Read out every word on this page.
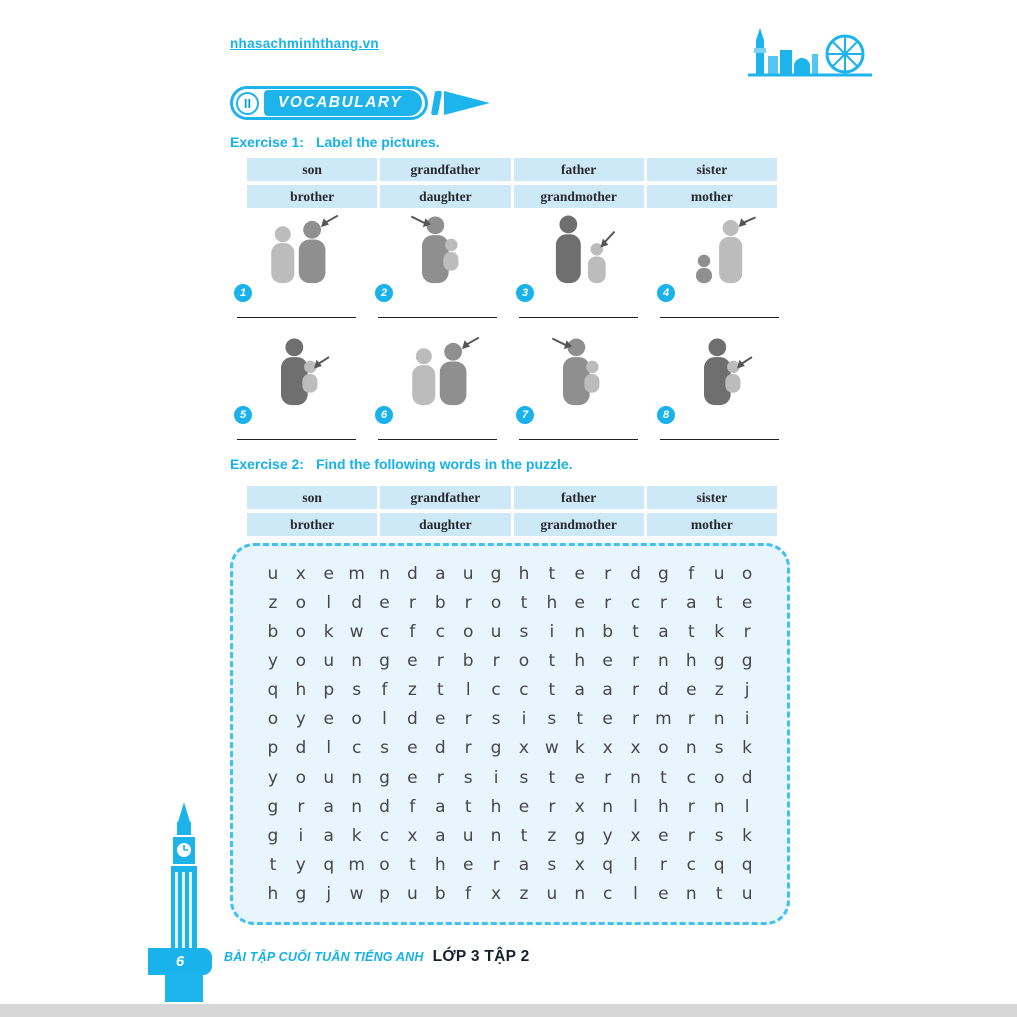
nhasachminhthang.vn
II	VOCABULARY
Exercise 1: Label the pictures.
son	grandfather	father	sister
brother	daughter	grandmother	mother
1	2	3	4
5	6	7	8
Exercise 2: Find the following words in the puzzle.
son	grandfather	father	sister
brother	daughter	grandmother	mother
u	x	e m n	d	a	u	g	h	t	e	r	d	g	f	u	o
z	o	l	d	e	r	b	r	o	t	h	e	r	c	r	a	t	e
b	o	k w c	f	c	o	u	s	i	n	b	t	a	t	k	r
y	o	u	n	g	e	r	b	r	o	t	h	e	r	n	h	g	g
q	h	p	s	f	z	t	l	c	c	t	a	a	r	d	e	z	j
o	y	e	o	l	d	e	r	s	i	s	t	e	r m r	n	i
p	d	l	c	s	e	d	r	g	x w k	x	x	o	n	s	k
y	o	u	n	g	e	r	s	i	s	t	e	r	n	t	c	o	d
g	r	a	n	d	f	a	t	h	e	r	x	n	l	h	r	n	l
g	i	a	k	c	x	a	u	n	t	z	g	y	x	e	r	s	k
t	y	q m o	t	h	e	r	a	s	x	q	l	r	c	q	q
h	g	j	w p	u	b	f	x	z	u	n	c	l	e	n	t	u
6	BÀI TẬP CUỐI TUẦN TIẾNG ANH LỚP 3 TẬP 2
